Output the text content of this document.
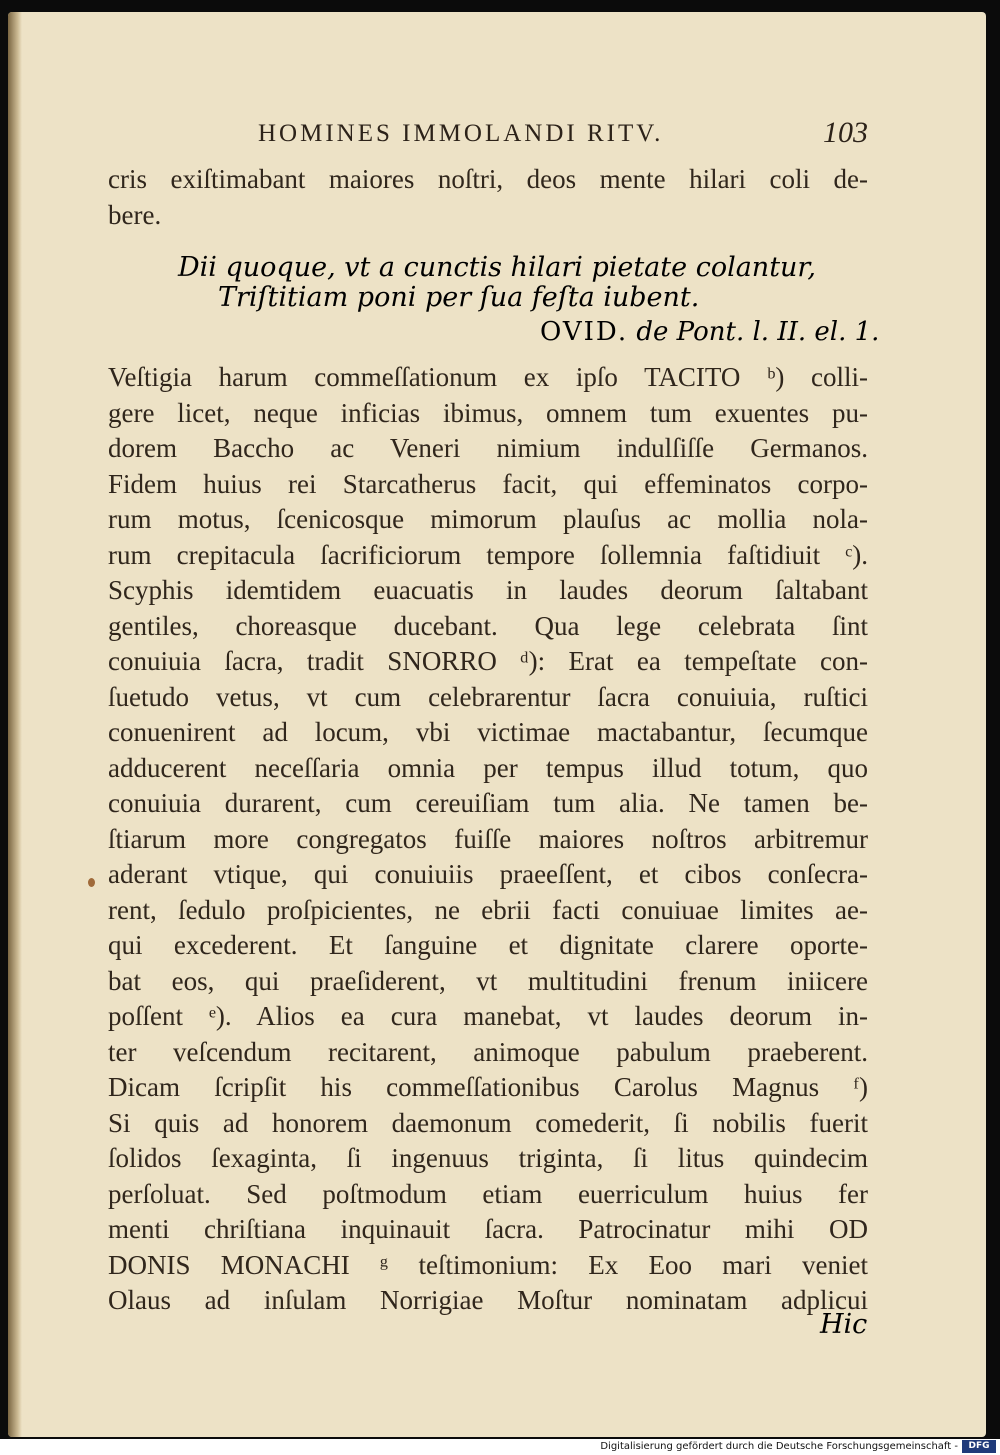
HOMINES IMMOLANDI RITV.	103
cris exiſtimabant maiores noſtri, deos mente hilari coli de-
bere.
Dii quoque, vt a cunctis hilari pietate colantur,
Triſtitiam poni per ſua feſta iubent.
OVID. de Pont. l. II. el. 1.
Veſtigia harum commeſſationum ex ipſo TACITO ᵇ) colli-
gere licet, neque inficias ibimus, omnem tum exuentes pu-
dorem Baccho ac Veneri nimium indulſiſſe Germanos.
Fidem huius rei Starcatherus facit, qui effeminatos corpo-
rum motus, ſcenicosque mimorum plauſus ac mollia nola-
rum crepitacula ſacrificiorum tempore ſollemnia faſtidiuit ᶜ).
Scyphis idemtidem euacuatis in laudes deorum ſaltabant
gentiles, choreasque ducebant. Qua lege celebrata ſint
conuiuia ſacra, tradit SNORRO ᵈ): Erat ea tempeſtate con-
ſuetudo vetus, vt cum celebrarentur ſacra conuiuia, ruſtici
conuenirent ad locum, vbi victimae mactabantur, ſecumque
adducerent neceſſaria omnia per tempus illud totum, quo
conuiuia durarent, cum cereuiſiam tum alia. Ne tamen be-
ſtiarum more congregatos fuiſſe maiores noſtros arbitremur
aderant vtique, qui conuiuiis praeeſſent, et cibos conſecra-
rent, ſedulo proſpicientes, ne ebrii facti conuiuae limites ae-
qui excederent. Et ſanguine et dignitate clarere oporte-
bat eos, qui praeſiderent, vt multitudini frenum iniicere
poſſent ᵉ). Alios ea cura manebat, vt laudes deorum in-
ter veſcendum recitarent, animoque pabulum praeberent.
Dicam ſcripſit his commeſſationibus Carolus Magnus ᶠ)
Si quis ad honorem daemonum comederit, ſi nobilis fuerit
ſolidos ſexaginta, ſi ingenuus triginta, ſi litus quindecim
perſoluat. Sed poſtmodum etiam euerriculum huius fer
menti chriſtiana inquinauit ſacra. Patrocinatur mihi OD
DONIS MONACHI ᵍ teſtimonium: Ex Eoo mari veniet
Olaus ad inſulam Norrigiae Moſtur nominatam adplicui
Hic
Digitalisierung gefördert durch die Deutsche Forschungsgemeinschaft -	DFG
